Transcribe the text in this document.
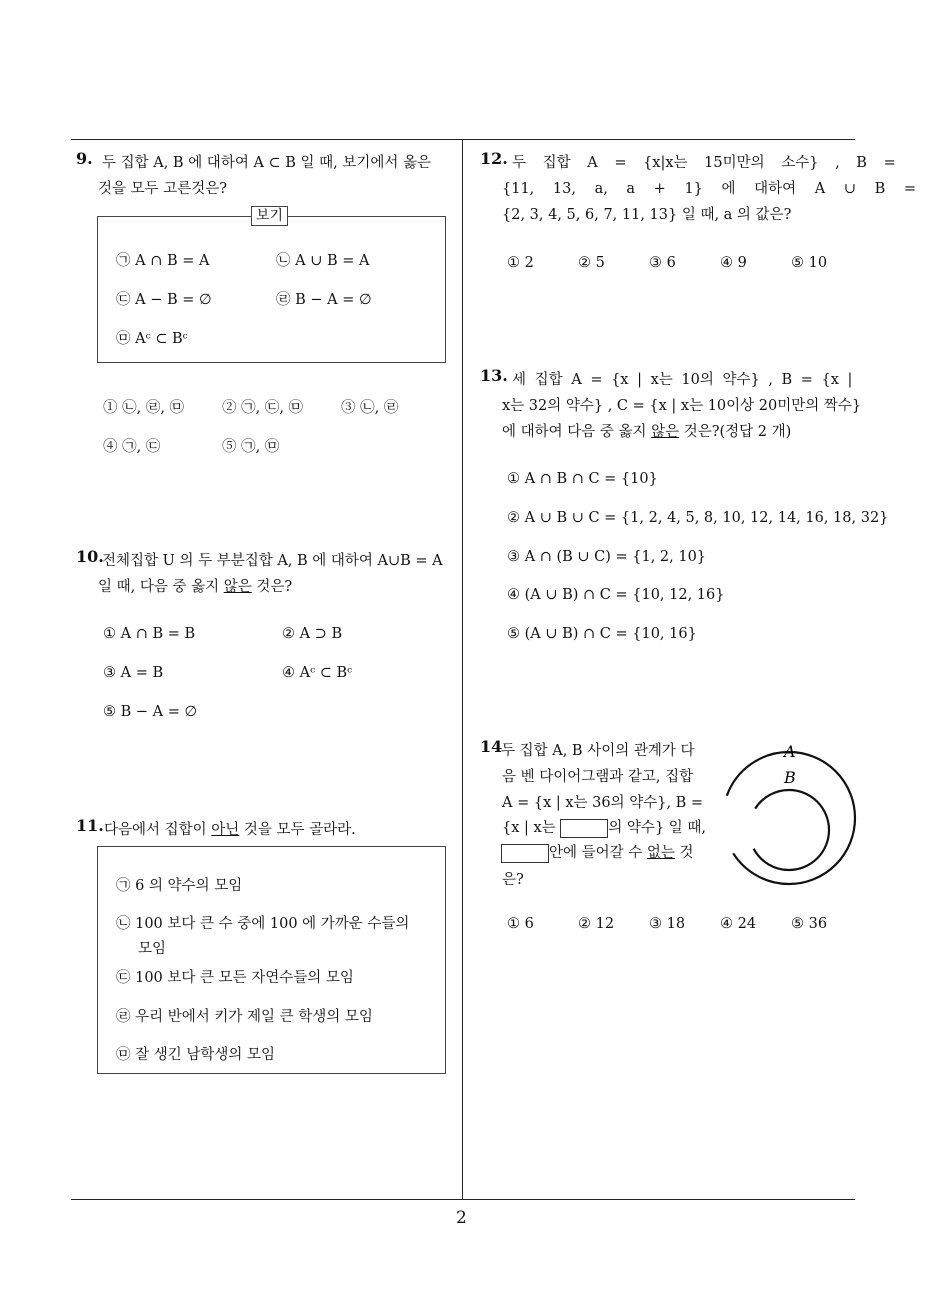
9. 두 집합 A, B 에 대하여 A ⊂ B 일 때, 보기에서 옳은
것을 모두 고른것은?
보기
㉠ A ∩ B = A	㉡ A ∪ B = A
㉢ A − B = ∅	㉣ B − A = ∅
㉤ Aᶜ ⊂ Bᶜ
① ㉡, ㉣, ㉤	② ㉠, ㉢, ㉤	③ ㉡, ㉣
④ ㉠, ㉢	⑤ ㉠, ㉤
10.
전체집합 U 의 두 부분집합 A, B 에 대하여 A∪B = A
일 때, 다음 중 옳지 않은 것은?
① A ∩ B = B	② A ⊃ B
③ A = B	④ Aᶜ ⊂ Bᶜ
⑤ B − A = ∅
11. 다음에서 집합이 아닌 것을 모두 골라라.
㉠ 6 의 약수의 모임
㉡ 100 보다 큰 수 중에 100 에 가까운 수들의
모임
㉢ 100 보다 큰 모든 자연수들의 모임
㉣ 우리 반에서 키가 제일 큰 학생의 모임
㉤ 잘 생긴 남학생의 모임
12. 두 집합 A = {x|x는 15미만의 소수} , B =
{11, 13, a, a + 1} 에 대하여 A ∪ B =
{2, 3, 4, 5, 6, 7, 11, 13} 일 때, a 의 값은?
① 2	② 5	③ 6	④ 9	⑤ 10
13. 세 집합 A = {x | x는 10의 약수} , B = {x |
x는 32의 약수} , C = {x | x는 10이상 20미만의 짝수}
에 대하여 다음 중 옳지 않은 것은?(정답 2 개)
① A ∩ B ∩ C = {10}
② A ∪ B ∪ C = {1, 2, 4, 5, 8, 10, 12, 14, 16, 18, 32}
③ A ∩ (B ∪ C) = {1, 2, 10}
④ (A ∪ B) ∩ C = {10, 12, 16}
⑤ (A ∪ B) ∩ C = {10, 16}
14
두 집합 A, B 사이의 관계가 다
음 벤 다이어그램과 같고, 집합
A = {x | x는 36의 약수}, B =
{x | x는	의 약수} 일 때,
안에 들어갈 수 없는 것
은?
A
B
① 6	② 12 ③ 18 ④ 24 ⑤ 36
2
